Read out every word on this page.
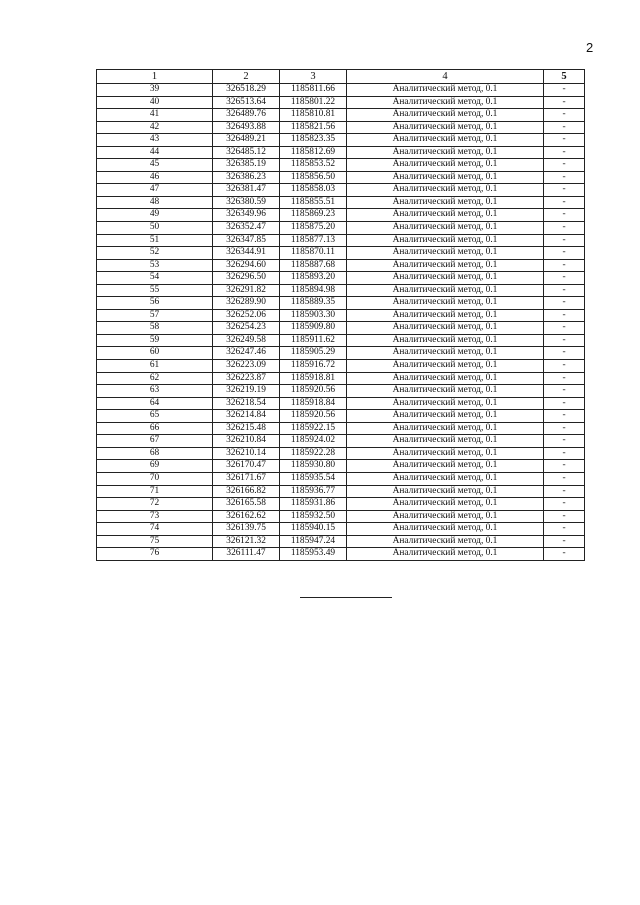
2
1	2	3	4	5
39	326518.29	1185811.66	Аналитический метод, 0.1	-
40	326513.64	1185801.22	Аналитический метод, 0.1	-
41	326489.76	1185810.81	Аналитический метод, 0.1	-
42	326493.88	1185821.56	Аналитический метод, 0.1	-
43	326489.21	1185823.35	Аналитический метод, 0.1	-
44	326485.12	1185812.69	Аналитический метод, 0.1	-
45	326385.19	1185853.52	Аналитический метод, 0.1	-
46	326386.23	1185856.50	Аналитический метод, 0.1	-
47	326381.47	1185858.03	Аналитический метод, 0.1	-
48	326380.59	1185855.51	Аналитический метод, 0.1	-
49	326349.96	1185869.23	Аналитический метод, 0.1	-
50	326352.47	1185875.20	Аналитический метод, 0.1	-
51	326347.85	1185877.13	Аналитический метод, 0.1	-
52	326344.91	1185870.11	Аналитический метод, 0.1	-
53	326294.60	1185887.68	Аналитический метод, 0.1	-
54	326296.50	1185893.20	Аналитический метод, 0.1	-
55	326291.82	1185894.98	Аналитический метод, 0.1	-
56	326289.90	1185889.35	Аналитический метод, 0.1	-
57	326252.06	1185903.30	Аналитический метод, 0.1	-
58	326254.23	1185909.80	Аналитический метод, 0.1	-
59	326249.58	1185911.62	Аналитический метод, 0.1	-
60	326247.46	1185905.29	Аналитический метод, 0.1	-
61	326223.09	1185916.72	Аналитический метод, 0.1	-
62	326223.87	1185918.81	Аналитический метод, 0.1	-
63	326219.19	1185920.56	Аналитический метод, 0.1	-
64	326218.54	1185918.84	Аналитический метод, 0.1	-
65	326214.84	1185920.56	Аналитический метод, 0.1	-
66	326215.48	1185922.15	Аналитический метод, 0.1	-
67	326210.84	1185924.02	Аналитический метод, 0.1	-
68	326210.14	1185922.28	Аналитический метод, 0.1	-
69	326170.47	1185930.80	Аналитический метод, 0.1	-
70	326171.67	1185935.54	Аналитический метод, 0.1	-
71	326166.82	1185936.77	Аналитический метод, 0.1	-
72	326165.58	1185931.86	Аналитический метод, 0.1	-
73	326162.62	1185932.50	Аналитический метод, 0.1	-
74	326139.75	1185940.15	Аналитический метод, 0.1	-
75	326121.32	1185947.24	Аналитический метод, 0.1	-
76	326111.47	1185953.49	Аналитический метод, 0.1	-
